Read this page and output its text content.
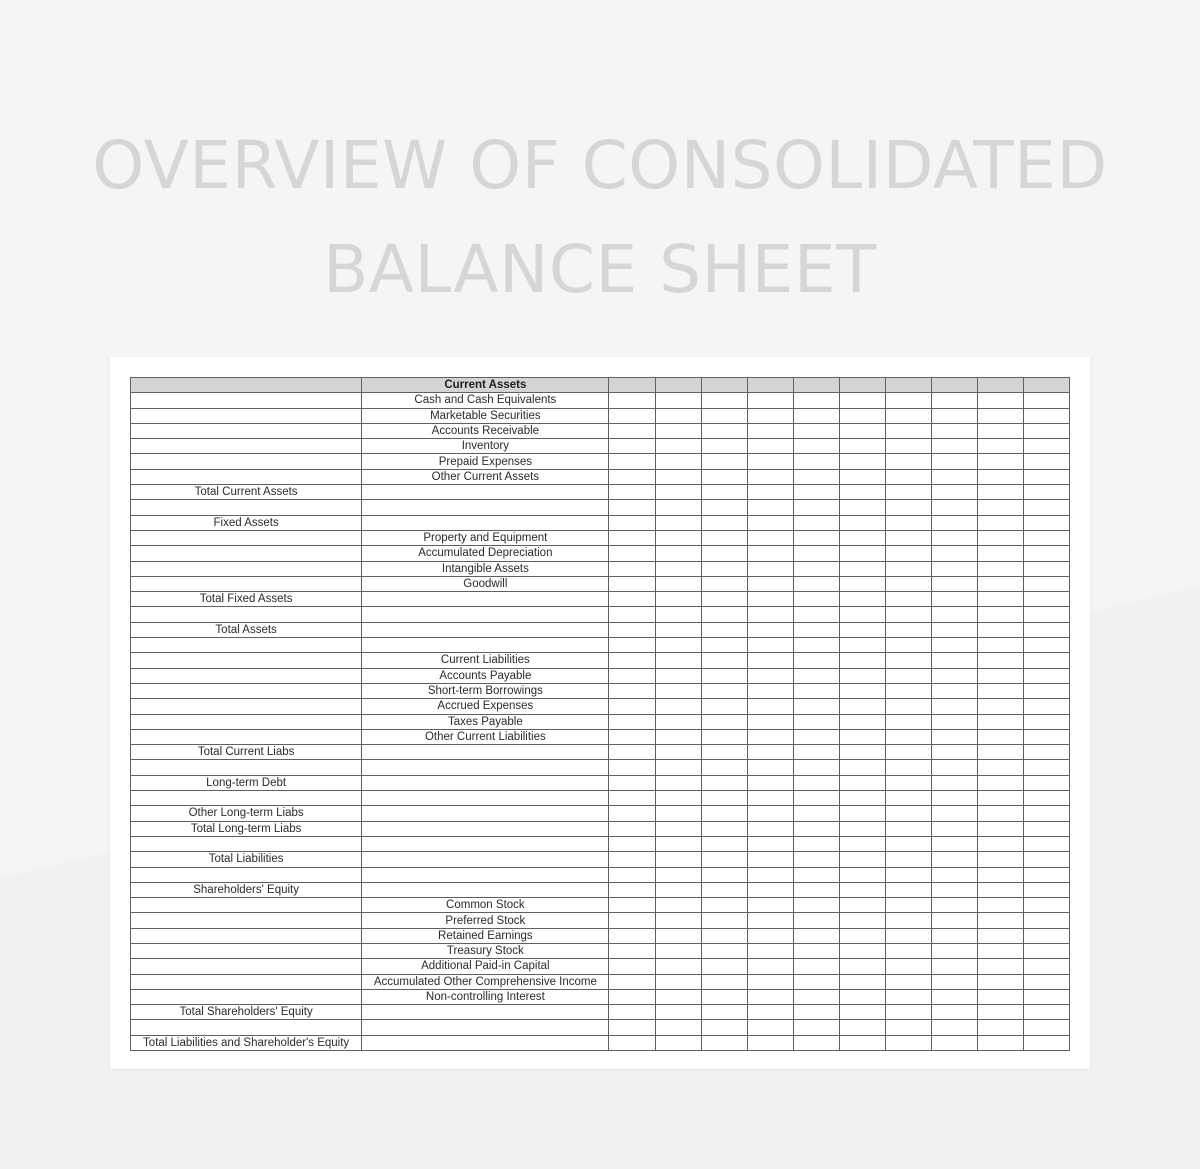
OVERVIEW OF CONSOLIDATED
BALANCE SHEET
	Current Assets										
	Cash and Cash Equivalents										
	Marketable Securities										
	Accounts Receivable										
	Inventory										
	Prepaid Expenses										
	Other Current Assets										
Total Current Assets											

Fixed Assets											
	Property and Equipment										
	Accumulated Depreciation										
	Intangible Assets										
	Goodwill										
Total Fixed Assets											

Total Assets											

	Current Liabilities										
	Accounts Payable										
	Short-term Borrowings										
	Accrued Expenses										
	Taxes Payable										
	Other Current Liabilities										
Total Current Liabs											

Long-term Debt											

Other Long-term Liabs											
Total Long-term Liabs											

Total Liabilities											

Shareholders' Equity											
	Common Stock										
	Preferred Stock										
	Retained Earnings										
	Treasury Stock										
	Additional Paid-in Capital										
	Accumulated Other Comprehensive Income										
	Non-controlling Interest										
Total Shareholders' Equity											

Total Liabilities and Shareholder's Equity											
